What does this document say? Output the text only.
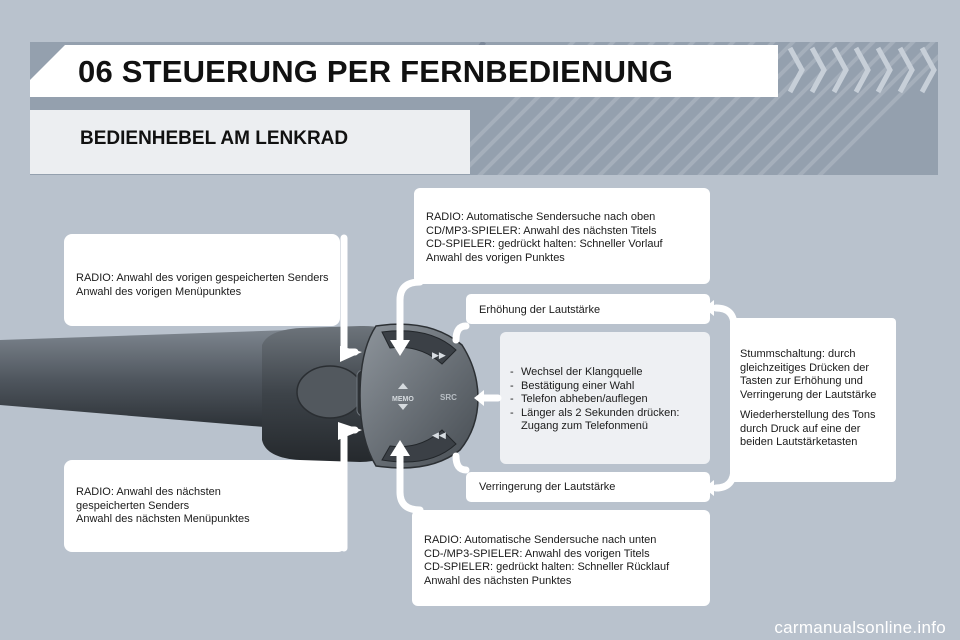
06 STEUERUNG PER FERNBEDIENUNG
BEDIENHEBEL AM LENKRAD

RADIO: Anwahl des vorigen gespeicherten Senders

Anwahl des vorigen Menüpunktes

RADIO: Anwahl des nächsten gespeicherten Senders

Anwahl des nächsten Menüpunktes

RADIO: Automatische Sendersuche nach oben

CD/MP3-SPIELER: Anwahl des nächsten Titels

CD-SPIELER: gedrückt halten: Schneller Vorlauf

Anwahl des vorigen Punktes

RADIO: Automatische Sendersuche nach unten

CD-/MP3-SPIELER: Anwahl des vorigen Titels

CD-SPIELER: gedrückt halten: Schneller Rücklauf

Anwahl des nächsten Punktes

Erhöhung der Lautstärke

Verringerung der Lautstärke

- Wechsel der Klangquelle
- Bestätigung einer Wahl
- Telefon abheben/auflegen
- Länger als 2 Sekunden drücken: Zugang zum Telefonmenü

Stummschaltung: durch gleichzeitiges Drücken der Tasten zur Erhöhung und Verringerung der Lautstärke

Wiederherstellung des Tons durch Druck auf eine der beiden Lautstärketasten

▶▶
◀◀
SRC
MEMO
carmanualsonline.info
